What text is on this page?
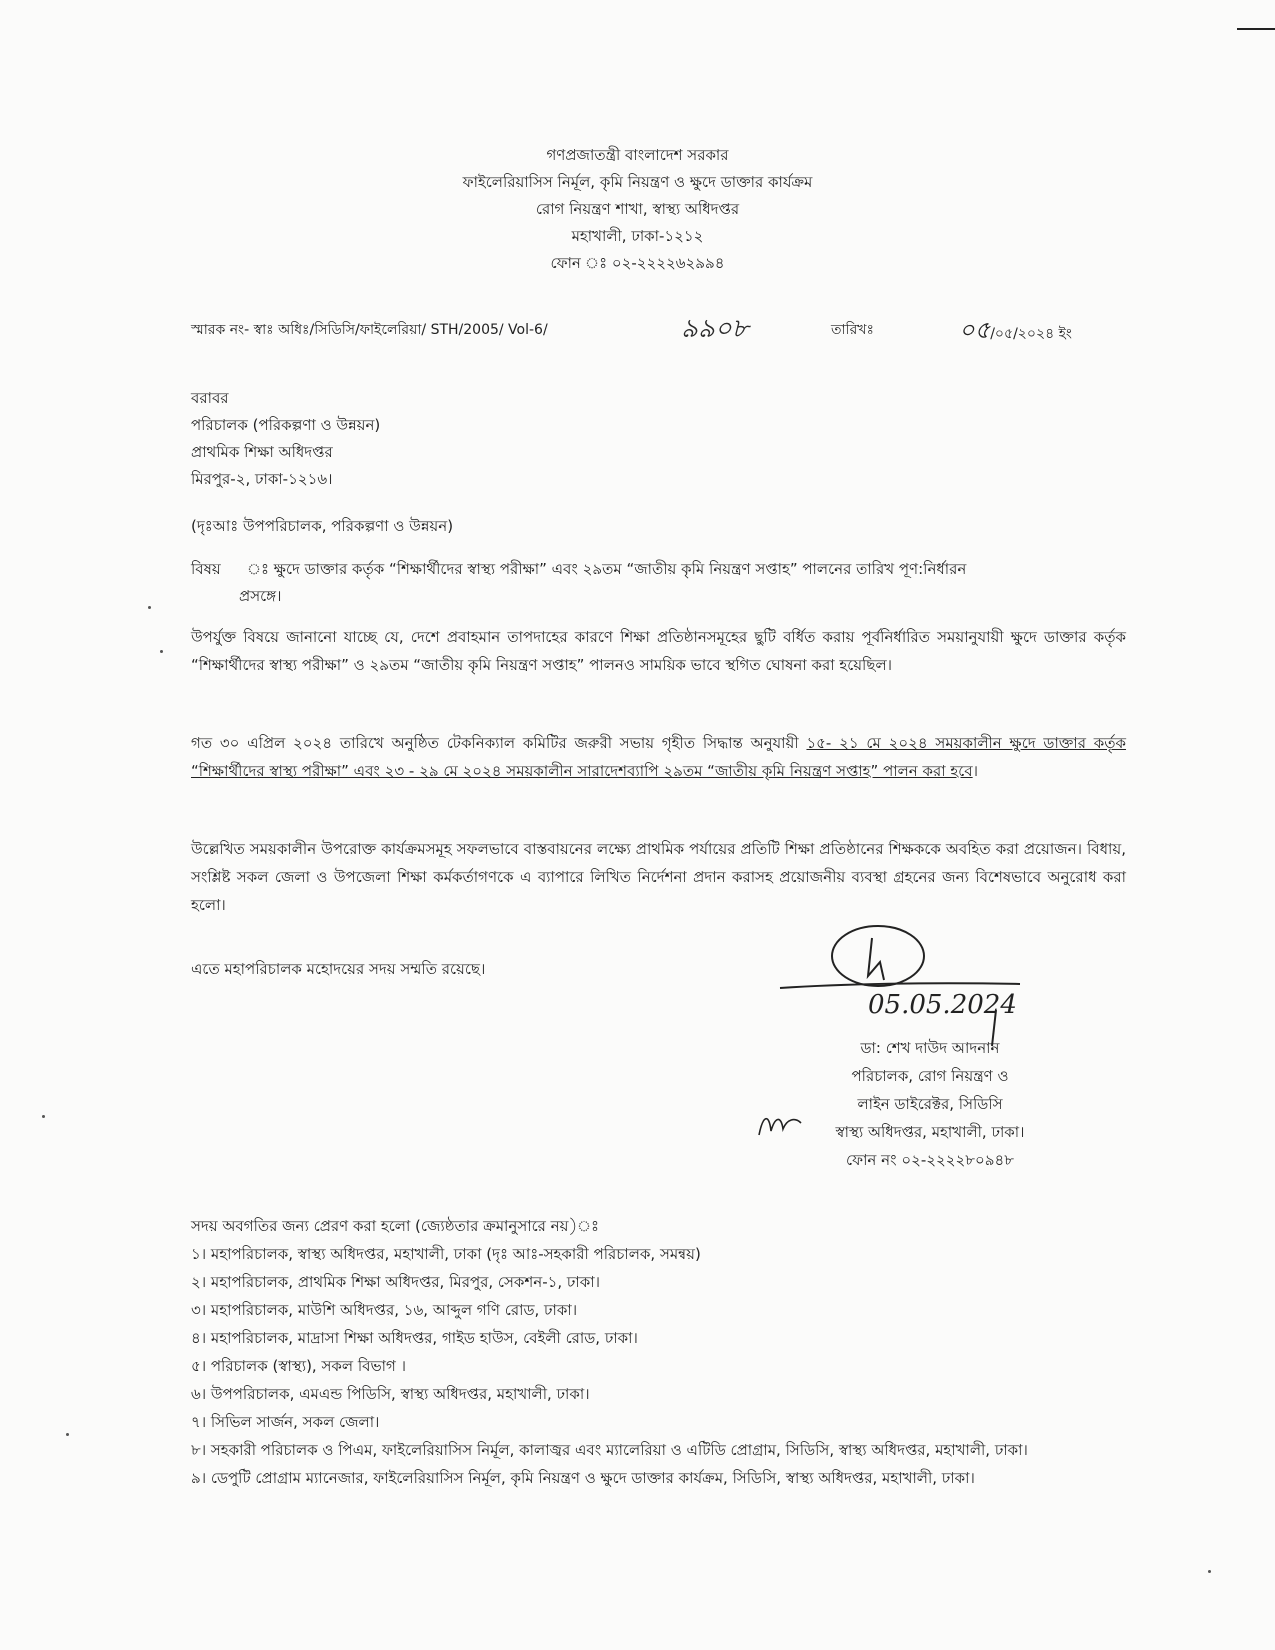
গণপ্রজাতন্ত্রী বাংলাদেশ সরকার
ফাইলেরিয়াসিস নির্মূল, কৃমি নিয়ন্ত্রণ ও ক্ষুদে ডাক্তার কার্যক্রম
রোগ নিয়ন্ত্রণ শাখা, স্বাস্থ্য অধিদপ্তর
মহাখালী, ঢাকা-১২১২
ফোন ঃ ০২-২২২২৬২৯৯৪
স্মারক নং- স্বাঃ অধিঃ/সিডিসি/ফাইলেরিয়া/ STH/2005/ Vol-6/	৯৯০৮	তারিখঃ	০৫/০৫/২০২৪ ইং
বরাবর
পরিচালক (পরিকল্পণা ও উন্নয়ন)
প্রাথমিক শিক্ষা অধিদপ্তর
মিরপুর-২, ঢাকা-১২১৬।
(দৃঃআঃ উপপরিচালক, পরিকল্পণা ও উন্নয়ন)
বিষয় ঃ ক্ষুদে ডাক্তার কর্তৃক “শিক্ষার্থীদের স্বাস্থ্য পরীক্ষা” এবং ২৯তম “জাতীয় কৃমি নিয়ন্ত্রণ সপ্তাহ” পালনের তারিখ পূণ:নির্ধারন
প্রসঙ্গে।
উপর্যুক্ত বিষয়ে জানানো যাচ্ছে যে, দেশে প্রবাহমান তাপদাহের কারণে শিক্ষা প্রতিষ্ঠানসমূহের ছুটি বর্ধিত করায় পূর্বনির্ধারিত সময়ানুযায়ী ক্ষুদে ডাক্তার কর্তৃক “শিক্ষার্থীদের স্বাস্থ্য পরীক্ষা” ও ২৯তম “জাতীয় কৃমি নিয়ন্ত্রণ সপ্তাহ” পালনও সাময়িক ভাবে স্থগিত ঘোষনা করা হয়েছিল।
গত ৩০ এপ্রিল ২০২৪ তারিখে অনুষ্ঠিত টেকনিক্যাল কমিটির জরুরী সভায় গৃহীত সিদ্ধান্ত অনুযায়ী ১৫- ২১ মে ২০২৪ সময়কালীন ক্ষুদে ডাক্তার কর্তৃক “শিক্ষার্থীদের স্বাস্থ্য পরীক্ষা” এবং ২৩ - ২৯ মে ২০২৪ সময়কালীন সারাদেশব্যাপি ২৯তম “জাতীয় কৃমি নিয়ন্ত্রণ সপ্তাহ” পালন করা হবে।
উল্লেখিত সময়কালীন উপরোক্ত কার্যক্রমসমূহ সফলভাবে বাস্তবায়নের লক্ষ্যে প্রাথমিক পর্যায়ের প্রতিটি শিক্ষা প্রতিষ্ঠানের শিক্ষককে অবহিত করা প্রয়োজন। বিধায়, সংশ্লিষ্ট সকল জেলা ও উপজেলা শিক্ষা কর্মকর্তাগণকে এ ব্যাপারে লিখিত নির্দেশনা প্রদান করাসহ প্রয়োজনীয় ব্যবস্থা গ্রহনের জন্য বিশেষভাবে অনুরোধ করা হলো।
এতে মহাপরিচালক মহোদয়ের সদয় সম্মতি রয়েছে।
05.05.2024
ডা: শেখ দাউদ আদনান
পরিচালক, রোগ নিয়ন্ত্রণ ও
লাইন ডাইরেক্টর, সিডিসি
স্বাস্থ্য অধিদপ্তর, মহাখালী, ঢাকা।
ফোন নং ০২-২২২২৮০৯৪৮
সদয় অবগতির জন্য প্রেরণ করা হলো (জ্যেষ্ঠতার ক্রমানুসারে নয়)ঃ
১। মহাপরিচালক, স্বাস্থ্য অধিদপ্তর, মহাখালী, ঢাকা (দৃঃ আঃ-সহকারী পরিচালক, সমন্বয়)
২। মহাপরিচালক, প্রাথমিক শিক্ষা অধিদপ্তর, মিরপুর, সেকশন-১, ঢাকা।
৩। মহাপরিচালক, মাউশি অধিদপ্তর, ১৬, আব্দুল গণি রোড, ঢাকা।
৪। মহাপরিচালক, মাদ্রাসা শিক্ষা অধিদপ্তর, গাইড হাউস, বেইলী রোড, ঢাকা।
৫। পরিচালক (স্বাস্থ্য), সকল বিভাগ ।
৬। উপপরিচালক, এমএন্ড পিডিসি, স্বাস্থ্য অধিদপ্তর, মহাখালী, ঢাকা।
৭। সিভিল সার্জন, সকল জেলা।
৮। সহকারী পরিচালক ও পিএম, ফাইলেরিয়াসিস নির্মূল, কালাজ্বর এবং ম্যালেরিয়া ও এটিডি প্রোগ্রাম, সিডিসি, স্বাস্থ্য অধিদপ্তর, মহাখালী, ঢাকা।
৯। ডেপুটি প্রোগ্রাম ম্যানেজার, ফাইলেরিয়াসিস নির্মূল, কৃমি নিয়ন্ত্রণ ও ক্ষুদে ডাক্তার কার্যক্রম, সিডিসি, স্বাস্থ্য অধিদপ্তর, মহাখালী, ঢাকা।
